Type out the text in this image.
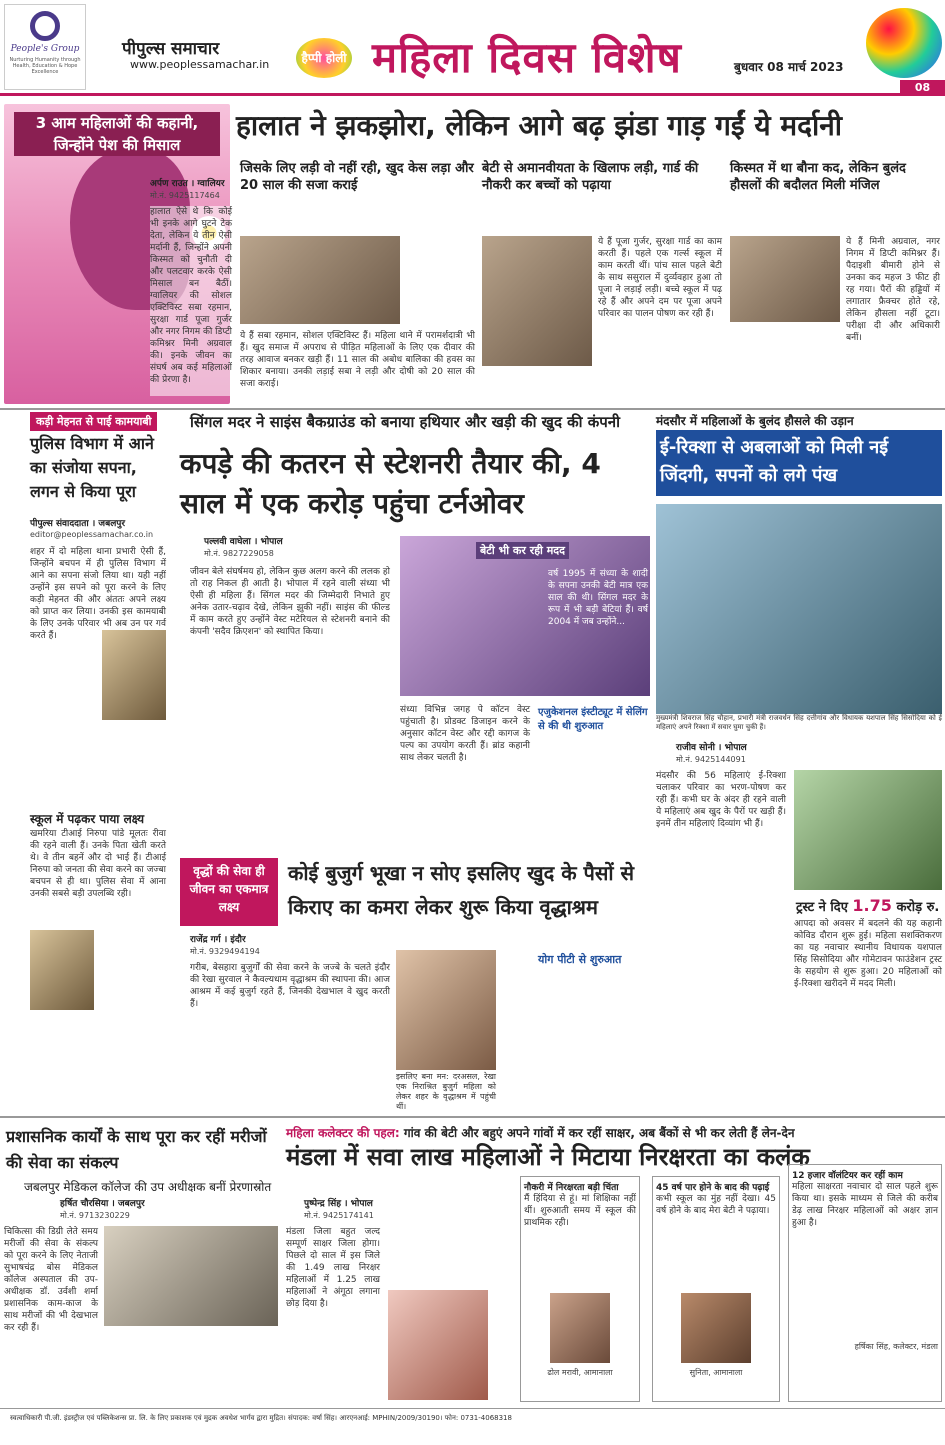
People's Group
Nurturing Humanity through Health, Education & Hope Excellence
पीपुल्स समाचार
www.peoplessamachar.in	हैप्पी होली महिला दिवस विशेष	बुधवार 08 मार्च 2023
08
3 आम महिलाओं की कहानी, जिन्होंने पेश की मिसाल
हालात ने झकझोरा, लेकिन आगे बढ़ झंडा गाड़ गईं ये मर्दानी
अर्पण राउत । ग्वालियर
मो.नं. 9425117464
हालात ऐसे थे कि कोई भी इनके आगे घुटने टेक देता, लेकिन ये तीन ऐसी मर्दानी हैं, जिन्होंने अपनी किस्मत को चुनौती दी और पलटवार करके ऐसी मिसाल बन बैठीं। ग्वालियर की सोशल एक्टिविस्ट सबा रहमान, सुरक्षा गार्ड पूजा गुर्जर और नगर निगम की डिप्टी कमिश्नर मिनी अग्रवाल की। इनके जीवन का संघर्ष अब कई महिलाओं की प्रेरणा है।
जिसके लिए लड़ी वो नहीं रही, खुद केस लड़ा और 20 साल की सजा कराई
ये हैं सबा रहमान, सोशल एक्टिविस्ट हैं। महिला थाने में परामर्शदात्री भी हैं। खुद समाज में अपराध से पीड़ित महिलाओं के लिए एक दीवार की तरह आवाज बनकर खड़ी हैं। 11 साल की अबोध बालिका की हवस का शिकार बनाया। उनकी लड़ाई सबा ने लड़ी और दोषी को 20 साल की सजा कराई।
बेटी से अमानवीयता के खिलाफ लड़ी, गार्ड की नौकरी कर बच्चों को पढ़ाया
ये हैं पूजा गुर्जर, सुरक्षा गार्ड का काम करती हैं। पहले एक गर्ल्स स्कूल में काम करती थीं। पांच साल पहले बेटी के साथ ससुराल में दुर्व्यवहार हुआ तो पूजा ने लड़ाई लड़ी। बच्चे स्कूल में पढ़ रहे हैं और अपने दम पर पूजा अपने परिवार का पालन पोषण कर रही हैं।
किस्मत में था बौना कद, लेकिन बुलंद हौसलों की बदौलत मिली मंजिल
ये हैं मिनी अग्रवाल, नगर निगम में डिप्टी कमिश्नर हैं। पैदाइशी बीमारी होने से उनका कद महज 3 फीट ही रह गया। पैरों की हड्डियों में लगातार फ्रैक्चर होते रहे, लेकिन हौसला नहीं टूटा। परीक्षा दी और अधिकारी बनीं।
कड़ी मेहनत से पाई कामयाबी
पुलिस विभाग में आने का संजोया सपना, लगन से किया पूरा
पीपुल्स संवाददाता । जबलपुर
editor@peoplessamachar.co.in
शहर में दो महिला थाना प्रभारी ऐसी हैं, जिन्होंने बचपन में ही पुलिस विभाग में आने का सपना संजो लिया था। यही नहीं उन्होंने इस सपने को पूरा करने के लिए कड़ी मेहनत की और अंततः अपने लक्ष्य को प्राप्त कर लिया। उनकी इस कामयाबी के लिए उनके परिवार भी अब उन पर गर्व करते हैं।
स्कूल में पढ़कर पाया लक्ष्य
खमरिया टीआई निरुपा पांडे मूलतः रीवा की रहने वाली हैं। उनके पिता खेती करते थे। वे तीन बहनें और दो भाई हैं। टीआई निरुपा को जनता की सेवा करने का जज्बा बचपन से ही था। पुलिस सेवा में आना उनकी सबसे बड़ी उपलब्धि रही।
सिंगल मदर ने साइंस बैकग्राउंड को बनाया हथियार और खड़ी की खुद की कंपनी
कपड़े की कतरन से स्टेशनरी तैयार की, 4 साल में एक करोड़ पहुंचा टर्नओवर
पल्लवी वाघेला । भोपाल
मो.नं. 9827229058	बेटी भी कर रही मदद
जीवन बेले संघर्षमय हो, लेकिन कुछ अलग करने की ललक हो तो राह निकल ही आती है। भोपाल में रहने वाली संध्या भी ऐसी ही महिला हैं। सिंगल मदर की जिम्मेदारी निभाते हुए अनेक उतार-चढ़ाव देखे, लेकिन झुकी नहीं। साइंस की फील्ड में काम करते हुए उन्होंने वेस्ट मटेरियल से स्टेशनरी बनाने की कंपनी 'सदैव क्रिएशन' को स्थापित किया।
वर्ष 1995 में संध्या के शादी के सपना उनकी बेटी मात्र एक साल की थी। सिंगल मदर के रूप में भी बड़ी बेटियां हैं। वर्ष 2004 में जब उन्होंने...
एजुकेशनल इंस्टीट्यूट में सेलिंग से की थी शुरुआत
संध्या विभिन्न जगह पे कॉटन वेस्ट पहुंचाती है। प्रोडक्ट डिजाइन करने के अनुसार कॉटन वेस्ट और रद्दी कागज के पल्प का उपयोग करती हैं। ब्रांड कहानी साथ लेकर चलती है।
मंदसौर में महिलाओं के बुलंद हौसले की उड़ान
ई-रिक्शा से अबलाओं को मिली नई जिंदगी, सपनों को लगे पंख
मुख्यमंत्री शिवराज सिंह चौहान, प्रभारी मंत्री राजवर्धन सिंह दत्तीगांव और विधायक यशपाल सिंह सिसोदिया को ई महिलाएं अपने रिक्शा में सवार घुमा चुकी हैं।
राजीव सोनी । भोपाल
मो.नं. 9425144091
मंदसौर की 56 महिलाएं ई-रिक्शा चलाकर परिवार का भरण-पोषण कर रही हैं। कभी घर के अंदर ही रहने वाली ये महिलाएं अब खुद के पैरों पर खड़ी हैं। इनमें तीन महिलाएं दिव्यांग भी हैं।
ट्रस्ट ने दिए 1.75 करोड़ रु.
आपदा को अवसर में बदलने की यह कहानी कोविड दौरान शुरू हुई। महिला सशक्तिकरण का यह नवाचार स्थानीय विधायक यशपाल सिंह सिसोदिया और गोमेटावन फाउंडेशन ट्रस्ट के सहयोग से शुरू हुआ। 20 महिलाओं को ई-रिक्शा खरीदने में मदद मिली।
वृद्धों की सेवा ही जीवन का एकमात्र लक्ष्य
कोई बुजुर्ग भूखा न सोए इसलिए खुद के पैसों से किराए का कमरा लेकर शुरू किया वृद्धाश्रम
राजेंद्र गर्ग । इंदौर
मो.नं. 9329494194
गरीब, बेसहारा बुजुर्गों की सेवा करने के जज्बे के चलते इंदौर की रेखा सुरवाल ने कैवल्यधाम वृद्धाश्रम की स्थापना की। आज आश्रम में कई बुजुर्ग रहते हैं, जिनकी देखभाल वे खुद करती हैं।
इसलिए बना मन: दरअसल, रेखा एक निराश्रित बुजुर्ग महिला को लेकर शहर के वृद्धाश्रम में पहुंची थीं।
योग पीटी से शुरुआत
प्रशासनिक कार्यों के साथ पूरा कर रहीं मरीजों की सेवा का संकल्प
जबलपुर मेडिकल कॉलेज की उप अधीक्षक बनीं प्रेरणास्रोत
हर्षित चौरसिया । जबलपुर
मो.नं. 9713230229
चिकित्सा की डिग्री लेते समय मरीजों की सेवा के संकल्प को पूरा करने के लिए नेताजी सुभाषचंद्र बोस मेडिकल कॉलेज अस्पताल की उप-अधीक्षक डॉ. उर्वशी शर्मा प्रशासनिक काम-काज के साथ मरीजों की भी देखभाल कर रही हैं।
महिला कलेक्टर की पहल: गांव की बेटी और बहुएं अपने गांवों में कर रहीं साक्षर, अब बैंकों से भी कर लेती हैं लेन-देन
मंडला में सवा लाख महिलाओं ने मिटाया निरक्षरता का कलंक
पुष्पेन्द्र सिंह । भोपाल
मो.नं. 9425174141
मंडला जिला बहुत जल्द सम्पूर्ण साक्षर जिला होगा। पिछले दो साल में इस जिले की 1.49 लाख निरक्षर महिलाओं में 1.25 लाख महिलाओं ने अंगूठा लगाना छोड़ दिया है।
नौकरी में निरक्षरता बड़ी चिंता
मैं हिंदिया से हूं। मां शिक्षिका नहीं थीं। शुरुआती समय में स्कूल की प्राथमिक रही।
ढोल मरावी, आमानाला
45 वर्ष पार होने के बाद की पढ़ाई
कभी स्कूल का मुंह नहीं देखा। 45 वर्ष होने के बाद मेरा बेटी ने पढ़ाया।
सुनिता, आमानाला
12 हजार वॉलंटियर कर रहीं काम
महिला साक्षरता नवाचार दो साल पहले शुरू किया था। इसके माध्यम से जिले की करीब डेढ़ लाख निरक्षर महिलाओं को अक्षर ज्ञान हुआ है।
हर्षिका सिंह, कलेक्टर, मंडला
स्वत्वाधिकारी पी.जी. इंडस्ट्रीज एवं पब्लिकेशन्स प्रा. लि. के लिए प्रकाशक एवं मुद्रक अवधेश भार्गव द्वारा मुद्रित। संपादक: वर्षा सिंह। आरएनआई: MPHIN/2009/30190। फोन: 0731-4068318
